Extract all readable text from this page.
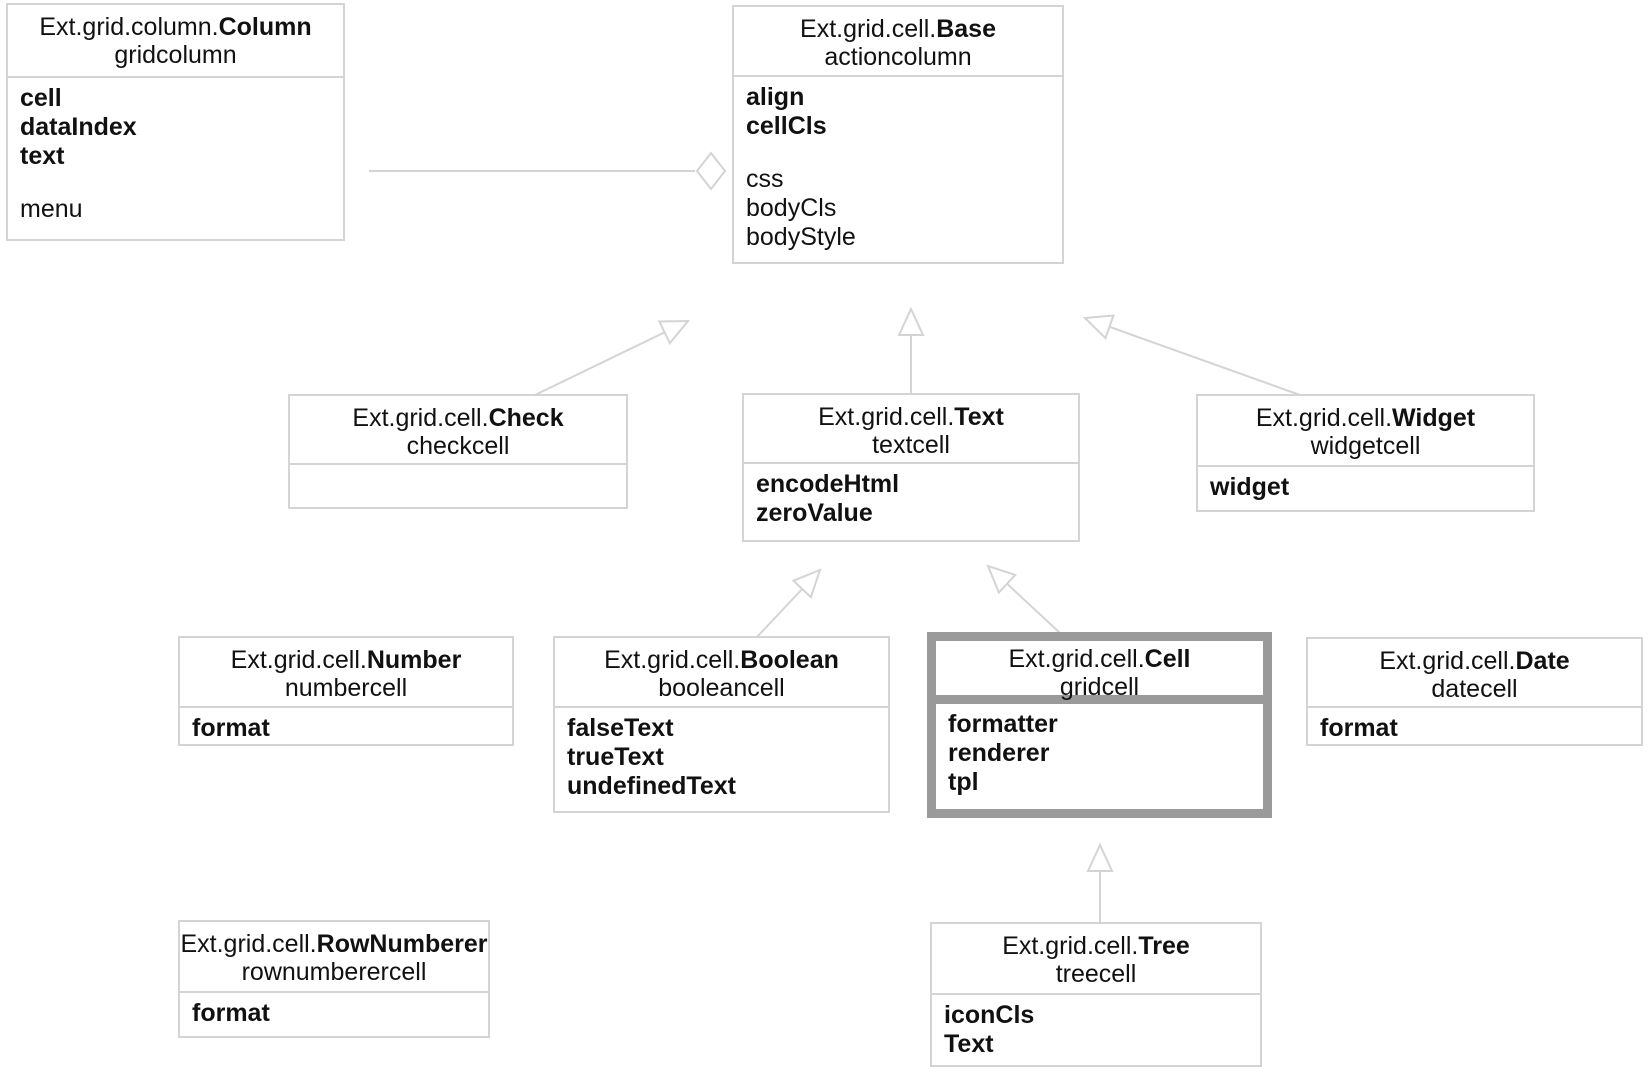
Ext.grid.column.Column
gridcolumn
cell
dataIndex
text
menu
Ext.grid.cell.Base
actioncolumn
align
cellCls
css
bodyCls
bodyStyle
Ext.grid.cell.Check
checkcell
Ext.grid.cell.Text
textcell
encodeHtml
zeroValue
Ext.grid.cell.Widget
widgetcell
widget
Ext.grid.cell.Number
numbercell
format
Ext.grid.cell.Boolean
booleancell
falseText
trueText
undefinedText
Ext.grid.cell.Cell
gridcell
formatter
renderer
tpl
Ext.grid.cell.Date
datecell
format
Ext.grid.cell.RowNumberer
rownumberercell
format
Ext.grid.cell.Tree
treecell
iconCls
Text
